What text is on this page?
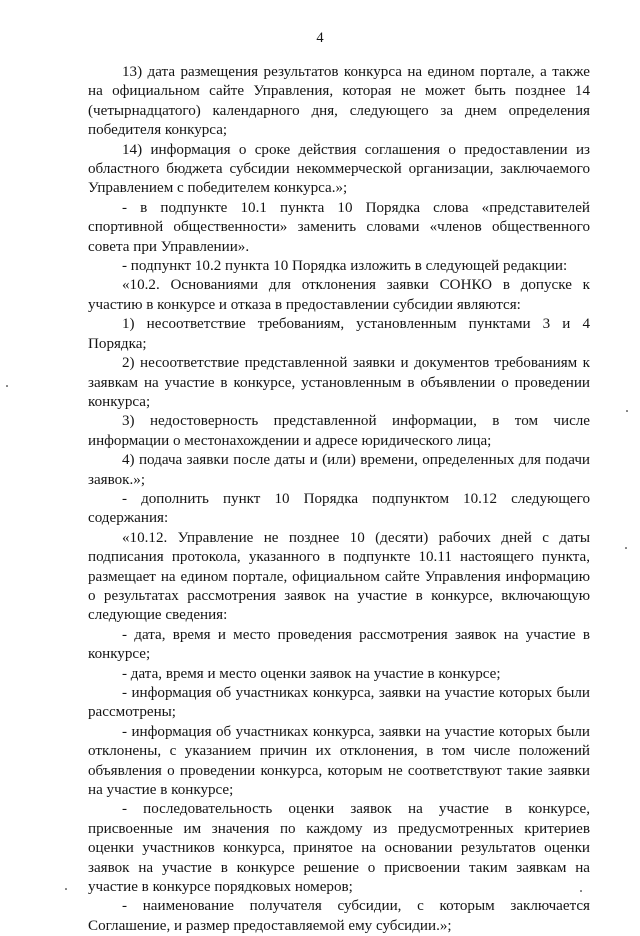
4

13) дата размещения результатов конкурса на едином портале, а также на официальном сайте Управления, которая не может быть позднее 14 (четырнадцатого) календарного дня, следующего за днем определения победителя конкурса;

14) информация о сроке действия соглашения о предоставлении из областного бюджета субсидии некоммерческой организации, заключаемого Управлением с победителем конкурса.»;

- в подпункте 10.1 пункта 10 Порядка слова «представителей спортивной общественности» заменить словами «членов общественного совета при Управлении».

- подпункт 10.2 пункта 10 Порядка изложить в следующей редакции:

«10.2. Основаниями для отклонения заявки СОНКО в допуске к участию в конкурсе и отказа в предоставлении субсидии являются:

1) несоответствие требованиям, установленным пунктами 3 и 4 Порядка;

2) несоответствие представленной заявки и документов требованиям к заявкам на участие в конкурсе, установленным в объявлении о проведении конкурса;

3) недостоверность представленной информации, в том числе информации о местонахождении и адресе юридического лица;

4) подача заявки после даты и (или) времени, определенных для подачи заявок.»;

- дополнить пункт 10 Порядка подпунктом 10.12 следующего содержания:

«10.12. Управление не позднее 10 (десяти) рабочих дней с даты подписания протокола, указанного в подпункте 10.11 настоящего пункта, размещает на едином портале, официальном сайте Управления информацию о результатах рассмотрения заявок на участие в конкурсе, включающую следующие сведения:

- дата, время и место проведения рассмотрения заявок на участие в конкурсе;

- дата, время и место оценки заявок на участие в конкурсе;

- информация об участниках конкурса, заявки на участие которых были рассмотрены;

- информация об участниках конкурса, заявки на участие которых были отклонены, с указанием причин их отклонения, в том числе положений объявления о проведении конкурса, которым не соответствуют такие заявки на участие в конкурсе;

- последовательность оценки заявок на участие в конкурсе, присвоенные им значения по каждому из предусмотренных критериев оценки участников конкурса, принятое на основании результатов оценки заявок на участие в конкурсе решение о присвоении таким заявкам на участие в конкурсе порядковых номеров;

- наименование получателя субсидии, с которым заключается Соглашение, и размер предоставляемой ему субсидии.»;
